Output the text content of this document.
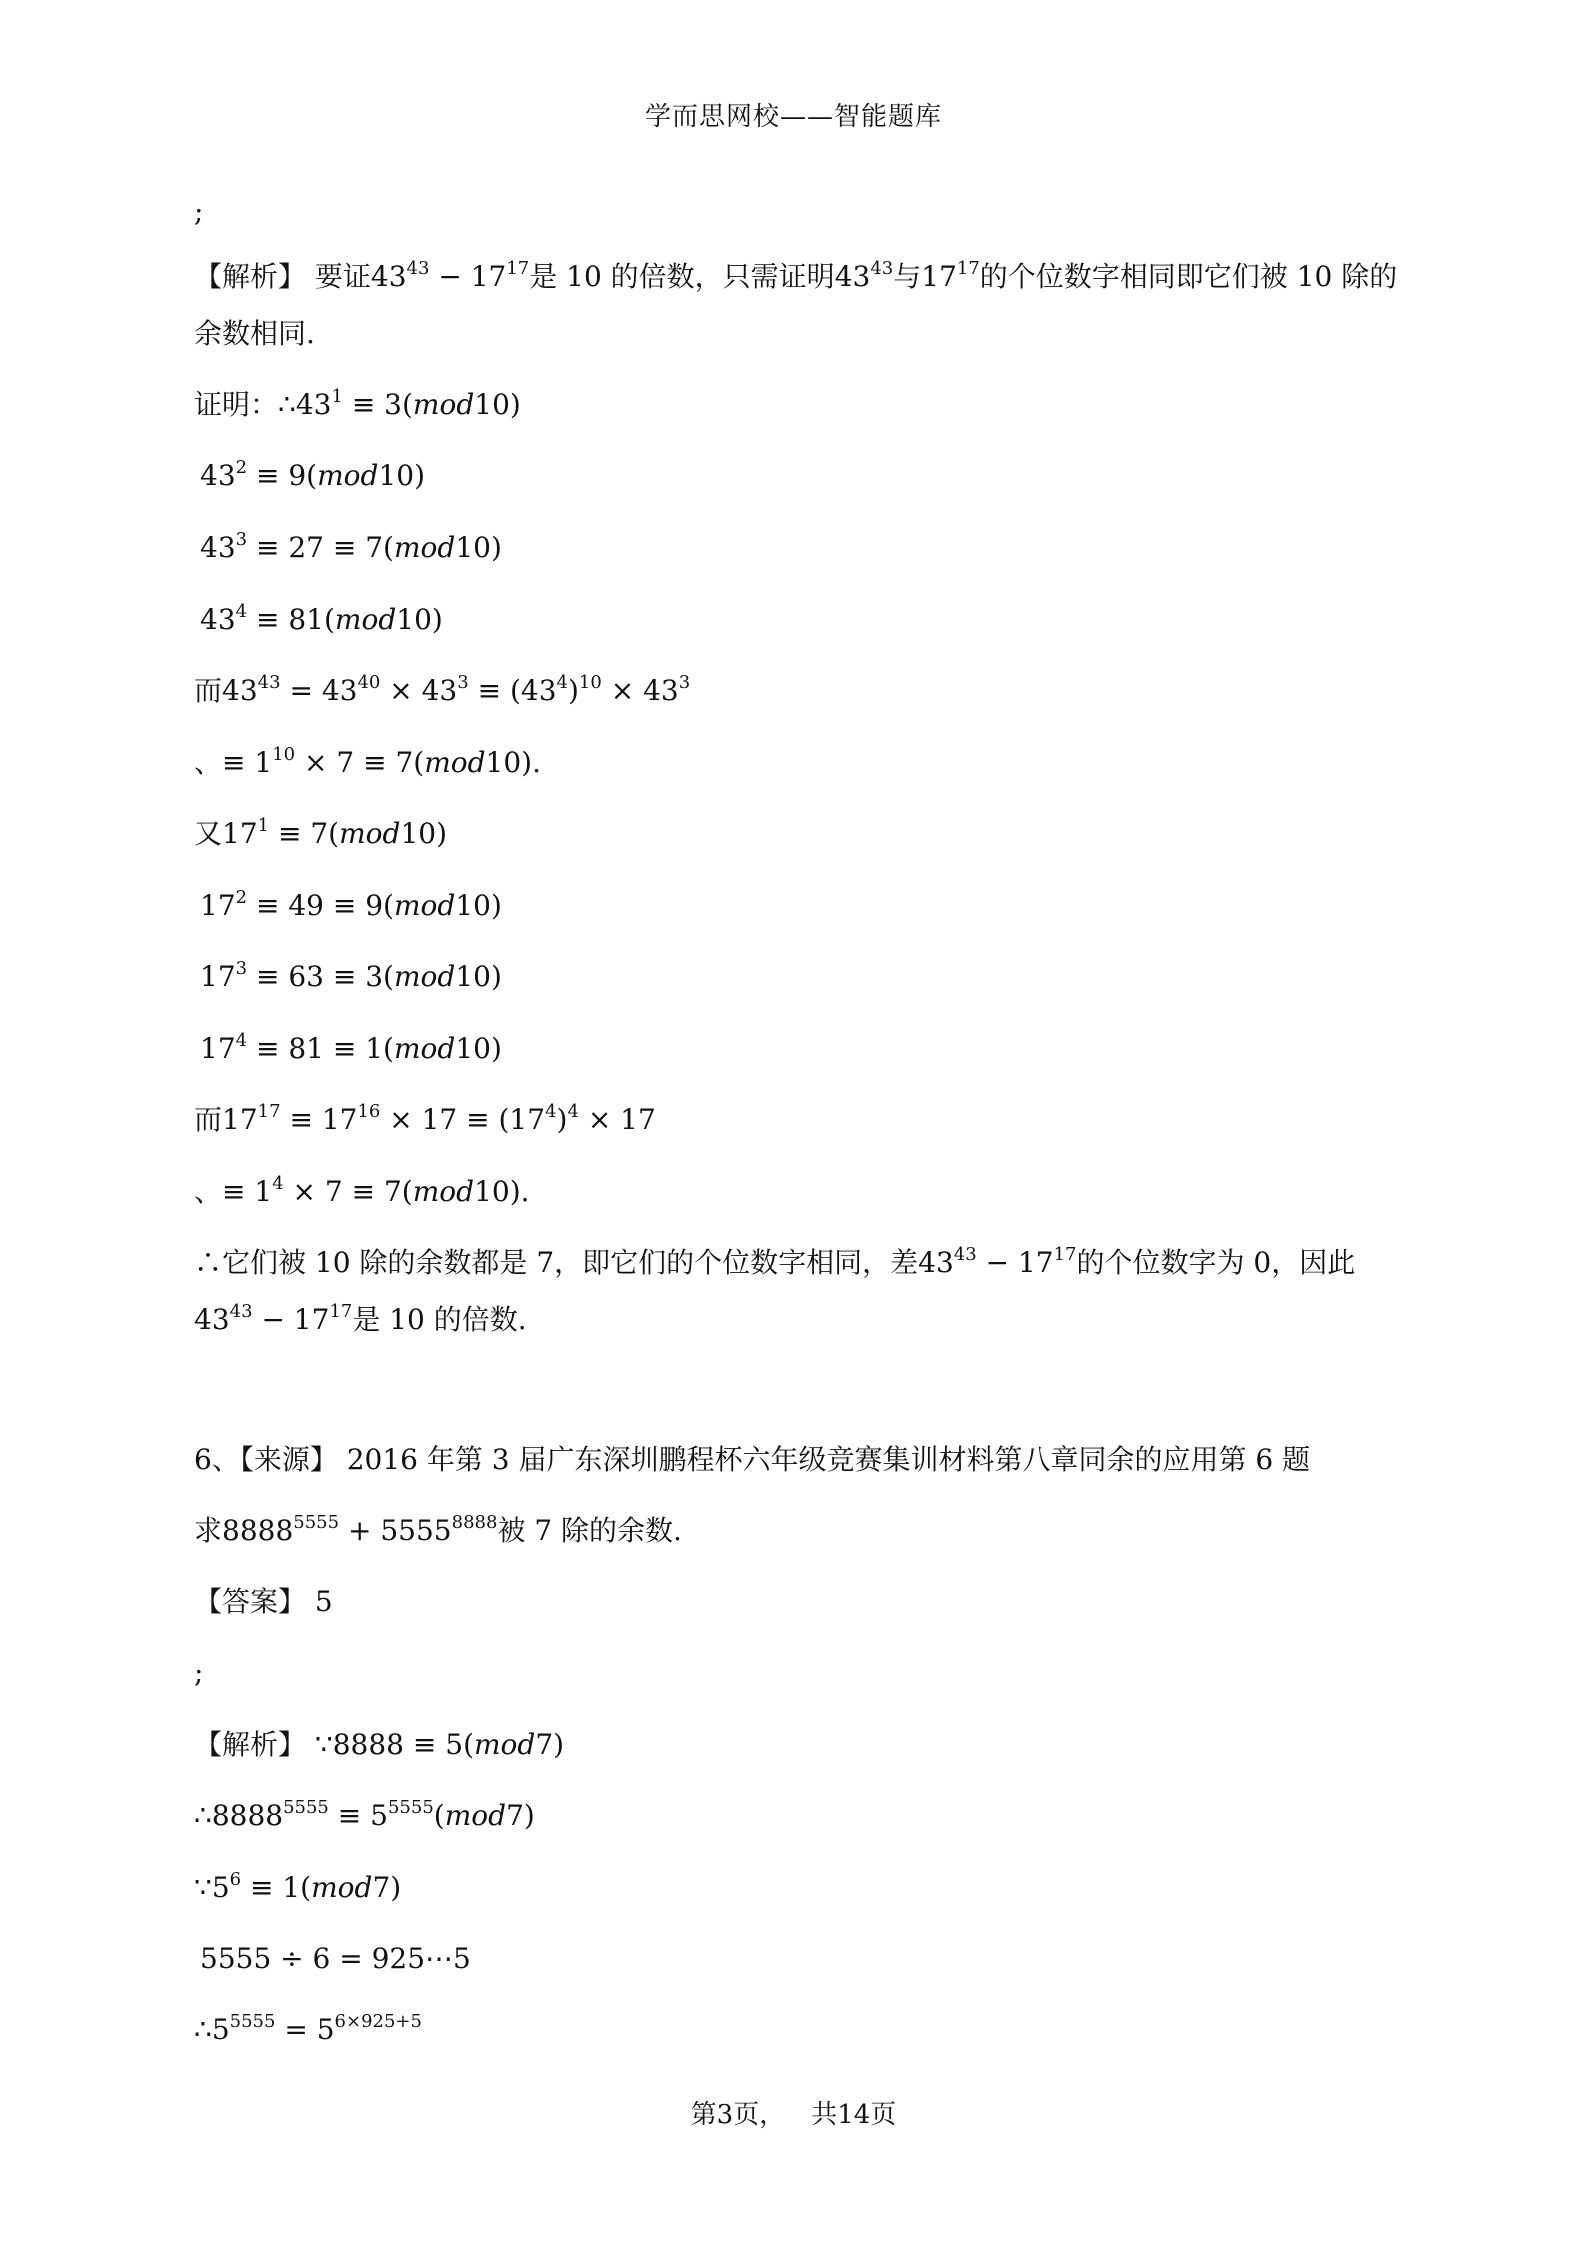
学而思网校——智能题库
;
【解析】 要证$43^{43} - 17^{17}$是 10 的倍数，只需证明$43^{43}$与$17^{17}$的个位数字相同即它们被 10 除的
余数相同.
证明：$\therefore 43^1 \equiv 3(mod10)$
$43^2 \equiv 9(mod10)$
$43^3 \equiv 27 \equiv 7(mod10)$
$43^4 \equiv 81(mod10)$
而$43^{43} = 43^{40} \times 43^3 \equiv (43^4)^{10} \times 43^3$
、≡ $1^{10} \times 7 \equiv 7(mod10)$.
又$17^1 \equiv 7(mod10)$
$17^2 \equiv 49 \equiv 9(mod10)$
$17^3 \equiv 63 \equiv 3(mod10)$
$17^4 \equiv 81 \equiv 1(mod10)$
而$17^{17} \equiv 17^{16} \times 17 \equiv (17^4)^4 \times 17$
、≡ $1^4 \times 7 \equiv 7(mod10)$.
∴它们被 10 除的余数都是 7，即它们的个位数字相同，差$43^{43} - 17^{17}$的个位数字为 0，因此
$43^{43} - 17^{17}$是 10 的倍数.
6、【来源】 2016 年第 3 届广东深圳鹏程杯六年级竞赛集训材料第八章同余的应用第 6 题
求$8888^{5555} + 5555^{8888}$被 7 除的余数.
【答案】 5
;
【解析】 ∵8888 ≡ 5(mod7)
$\therefore 8888^{5555} \equiv 5^{5555}(mod7)$
$\because 5^6 \equiv 1(mod7)$
5555 ÷ 6 = 925⋯5
$\therefore 5^{5555} = 5^{6\times 925+5}$
第3页， 共14页
